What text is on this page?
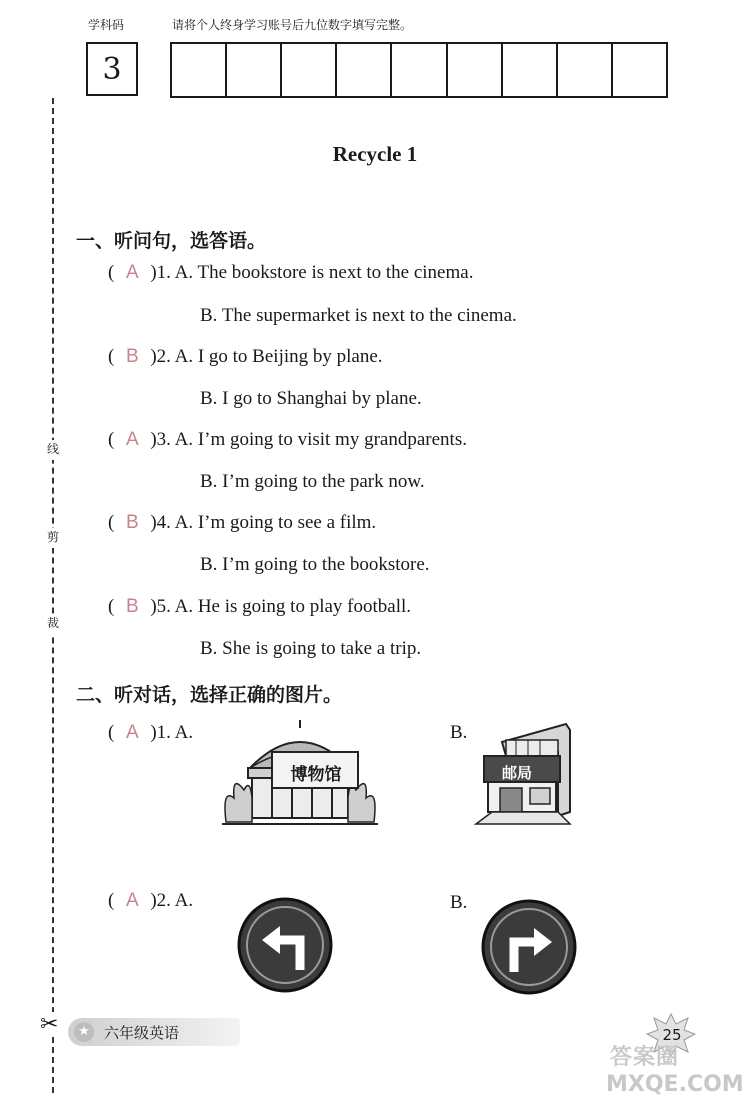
学科码	请将个人终身学习账号后九位数字填写完整。
3
线
剪
裁
✂
Recycle 1
一、听问句，选答语。
( A )1. A. The bookstore is next to the cinema.
B. The supermarket is next to the cinema.
( B )2. A. I go to Beijing by plane.
B. I go to Shanghai by plane.
( A )3. A. I’m going to visit my grandparents.
B. I’m going to the park now.
( B )4. A. I’m going to see a film.
B. I’m going to the bookstore.
( B )5. A. He is going to play football.
B. She is going to take a trip.
二、听对话，选择正确的图片。
( A )1. A.	B.
博物馆	邮局
( A )2. A.	B.
★ 六年级英语	25
答案圈
MXQE.COM
